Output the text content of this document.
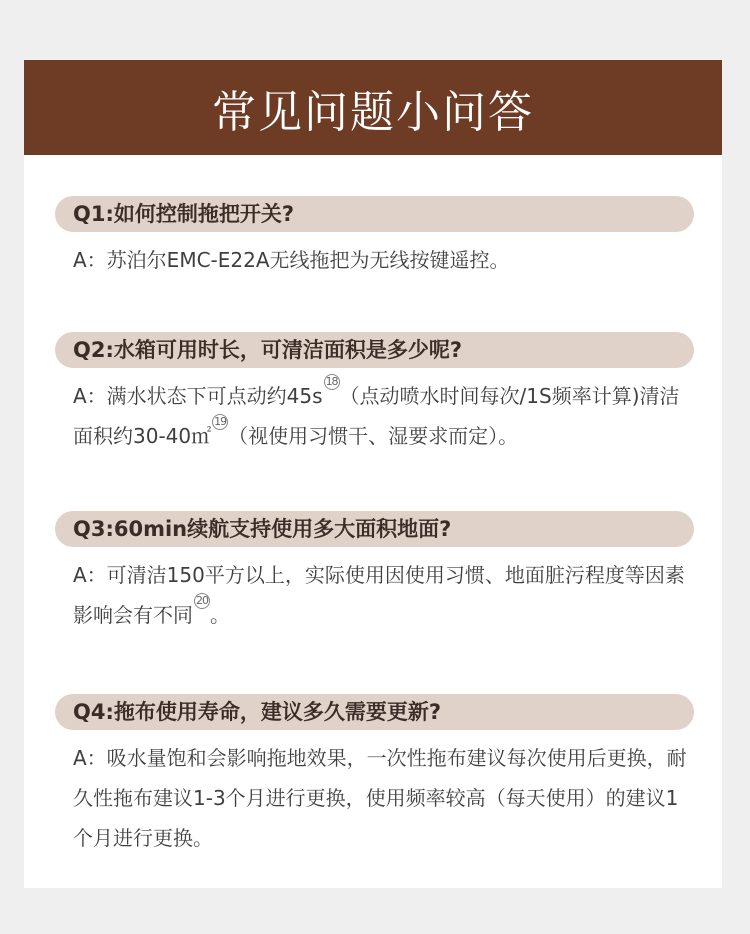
常见问题小问答
Q1:如何控制拖把开关?
A：苏泊尔EMC-E22A无线拖把为无线按键遥控。
Q2:水箱可用时长，可清洁面积是多少呢?
A：满水状态下可点动约45s18（点动喷水时间每次/1S频率计算)清洁面积约30-40㎡19（视使用习惯干、湿要求而定）。
Q3:60min续航支持使用多大面积地面?
A：可清洁150平方以上，实际使用因使用习惯、地面脏污程度等因素影响会有不同20。
Q4:拖布使用寿命，建议多久需要更新?
A：吸水量饱和会影响拖地效果，一次性拖布建议每次使用后更换，耐久性拖布建议1-3个月进行更换，使用频率较高（每天使用）的建议1个月进行更换。
